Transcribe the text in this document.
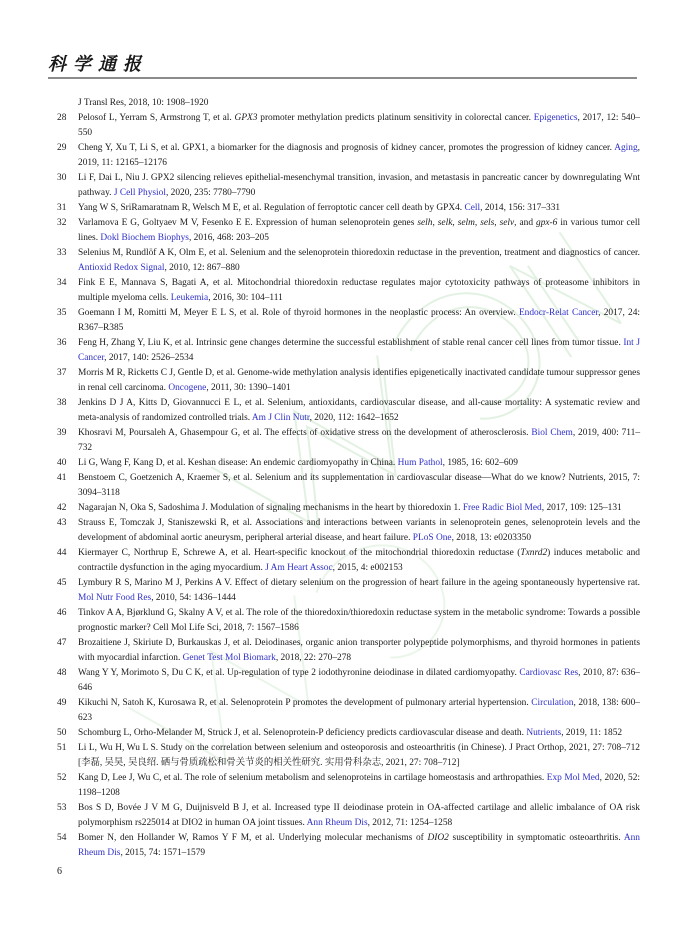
科学通报
J Transl Res, 2018, 10: 1908–1920
28 Pelosof L, Yerram S, Armstrong T, et al. GPX3 promoter methylation predicts platinum sensitivity in colorectal cancer. Epigenetics, 2017, 12: 540–550
29 Cheng Y, Xu T, Li S, et al. GPX1, a biomarker for the diagnosis and prognosis of kidney cancer, promotes the progression of kidney cancer. Aging, 2019, 11: 12165–12176
30 Li F, Dai L, Niu J. GPX2 silencing relieves epithelial-mesenchymal transition, invasion, and metastasis in pancreatic cancer by downregulating Wnt pathway. J Cell Physiol, 2020, 235: 7780–7790
31 Yang W S, SriRamaratnam R, Welsch M E, et al. Regulation of ferroptotic cancer cell death by GPX4. Cell, 2014, 156: 317–331
32 Varlamova E G, Goltyaev M V, Fesenko E E. Expression of human selenoprotein genes selh, selk, selm, sels, selv, and gpx-6 in various tumor cell lines. Dokl Biochem Biophys, 2016, 468: 203–205
33 Selenius M, Rundlöf A K, Olm E, et al. Selenium and the selenoprotein thioredoxin reductase in the prevention, treatment and diagnostics of cancer. Antioxid Redox Signal, 2010, 12: 867–880
34 Fink E E, Mannava S, Bagati A, et al. Mitochondrial thioredoxin reductase regulates major cytotoxicity pathways of proteasome inhibitors in multiple myeloma cells. Leukemia, 2016, 30: 104–111
35 Goemann I M, Romitti M, Meyer E L S, et al. Role of thyroid hormones in the neoplastic process: An overview. Endocr-Relat Cancer, 2017, 24: R367–R385
36 Feng H, Zhang Y, Liu K, et al. Intrinsic gene changes determine the successful establishment of stable renal cancer cell lines from tumor tissue. Int J Cancer, 2017, 140: 2526–2534
37 Morris M R, Ricketts C J, Gentle D, et al. Genome-wide methylation analysis identifies epigenetically inactivated candidate tumour suppressor genes in renal cell carcinoma. Oncogene, 2011, 30: 1390–1401
38 Jenkins D J A, Kitts D, Giovannucci E L, et al. Selenium, antioxidants, cardiovascular disease, and all-cause mortality: A systematic review and meta-analysis of randomized controlled trials. Am J Clin Nutr, 2020, 112: 1642–1652
39 Khosravi M, Poursaleh A, Ghasempour G, et al. The effects of oxidative stress on the development of atherosclerosis. Biol Chem, 2019, 400: 711–732
40 Li G, Wang F, Kang D, et al. Keshan disease: An endemic cardiomyopathy in China. Hum Pathol, 1985, 16: 602–609
41 Benstoem C, Goetzenich A, Kraemer S, et al. Selenium and its supplementation in cardiovascular disease—What do we know? Nutrients, 2015, 7: 3094–3118
42 Nagarajan N, Oka S, Sadoshima J. Modulation of signaling mechanisms in the heart by thioredoxin 1. Free Radic Biol Med, 2017, 109: 125–131
43 Strauss E, Tomczak J, Staniszewski R, et al. Associations and interactions between variants in selenoprotein genes, selenoprotein levels and the development of abdominal aortic aneurysm, peripheral arterial disease, and heart failure. PLoS One, 2018, 13: e0203350
44 Kiermayer C, Northrup E, Schrewe A, et al. Heart-specific knockout of the mitochondrial thioredoxin reductase (Txnrd2) induces metabolic and contractile dysfunction in the aging myocardium. J Am Heart Assoc, 2015, 4: e002153
45 Lymbury R S, Marino M J, Perkins A V. Effect of dietary selenium on the progression of heart failure in the ageing spontaneously hypertensive rat. Mol Nutr Food Res, 2010, 54: 1436–1444
46 Tinkov A A, Bjørklund G, Skalny A V, et al. The role of the thioredoxin/thioredoxin reductase system in the metabolic syndrome: Towards a possible prognostic marker? Cell Mol Life Sci, 2018, 7: 1567–1586
47 Brozaitiene J, Skiriute D, Burkauskas J, et al. Deiodinases, organic anion transporter polypeptide polymorphisms, and thyroid hormones in patients with myocardial infarction. Genet Test Mol Biomark, 2018, 22: 270–278
48 Wang Y Y, Morimoto S, Du C K, et al. Up-regulation of type 2 iodothyronine deiodinase in dilated cardiomyopathy. Cardiovasc Res, 2010, 87: 636–646
49 Kikuchi N, Satoh K, Kurosawa R, et al. Selenoprotein P promotes the development of pulmonary arterial hypertension. Circulation, 2018, 138: 600–623
50 Schomburg L, Orho-Melander M, Struck J, et al. Selenoprotein-P deficiency predicts cardiovascular disease and death. Nutrients, 2019, 11: 1852
51 Li L, Wu H, Wu L S. Study on the correlation between selenium and osteoporosis and osteoarthritis (in Chinese). J Pract Orthop, 2021, 27: 708–712 [李磊, 吴昊, 吴良绍. 硒与骨质疏松和骨关节炎的相关性研究. 实用骨科杂志, 2021, 27: 708–712]
52 Kang D, Lee J, Wu C, et al. The role of selenium metabolism and selenoproteins in cartilage homeostasis and arthropathies. Exp Mol Med, 2020, 52: 1198–1208
53 Bos S D, Bovée J V M G, Duijnisveld B J, et al. Increased type II deiodinase protein in OA-affected cartilage and allelic imbalance of OA risk polymorphism rs225014 at DIO2 in human OA joint tissues. Ann Rheum Dis, 2012, 71: 1254–1258
54 Bomer N, den Hollander W, Ramos Y F M, et al. Underlying molecular mechanisms of DIO2 susceptibility in symptomatic osteoarthritis. Ann Rheum Dis, 2015, 74: 1571–1579
6
